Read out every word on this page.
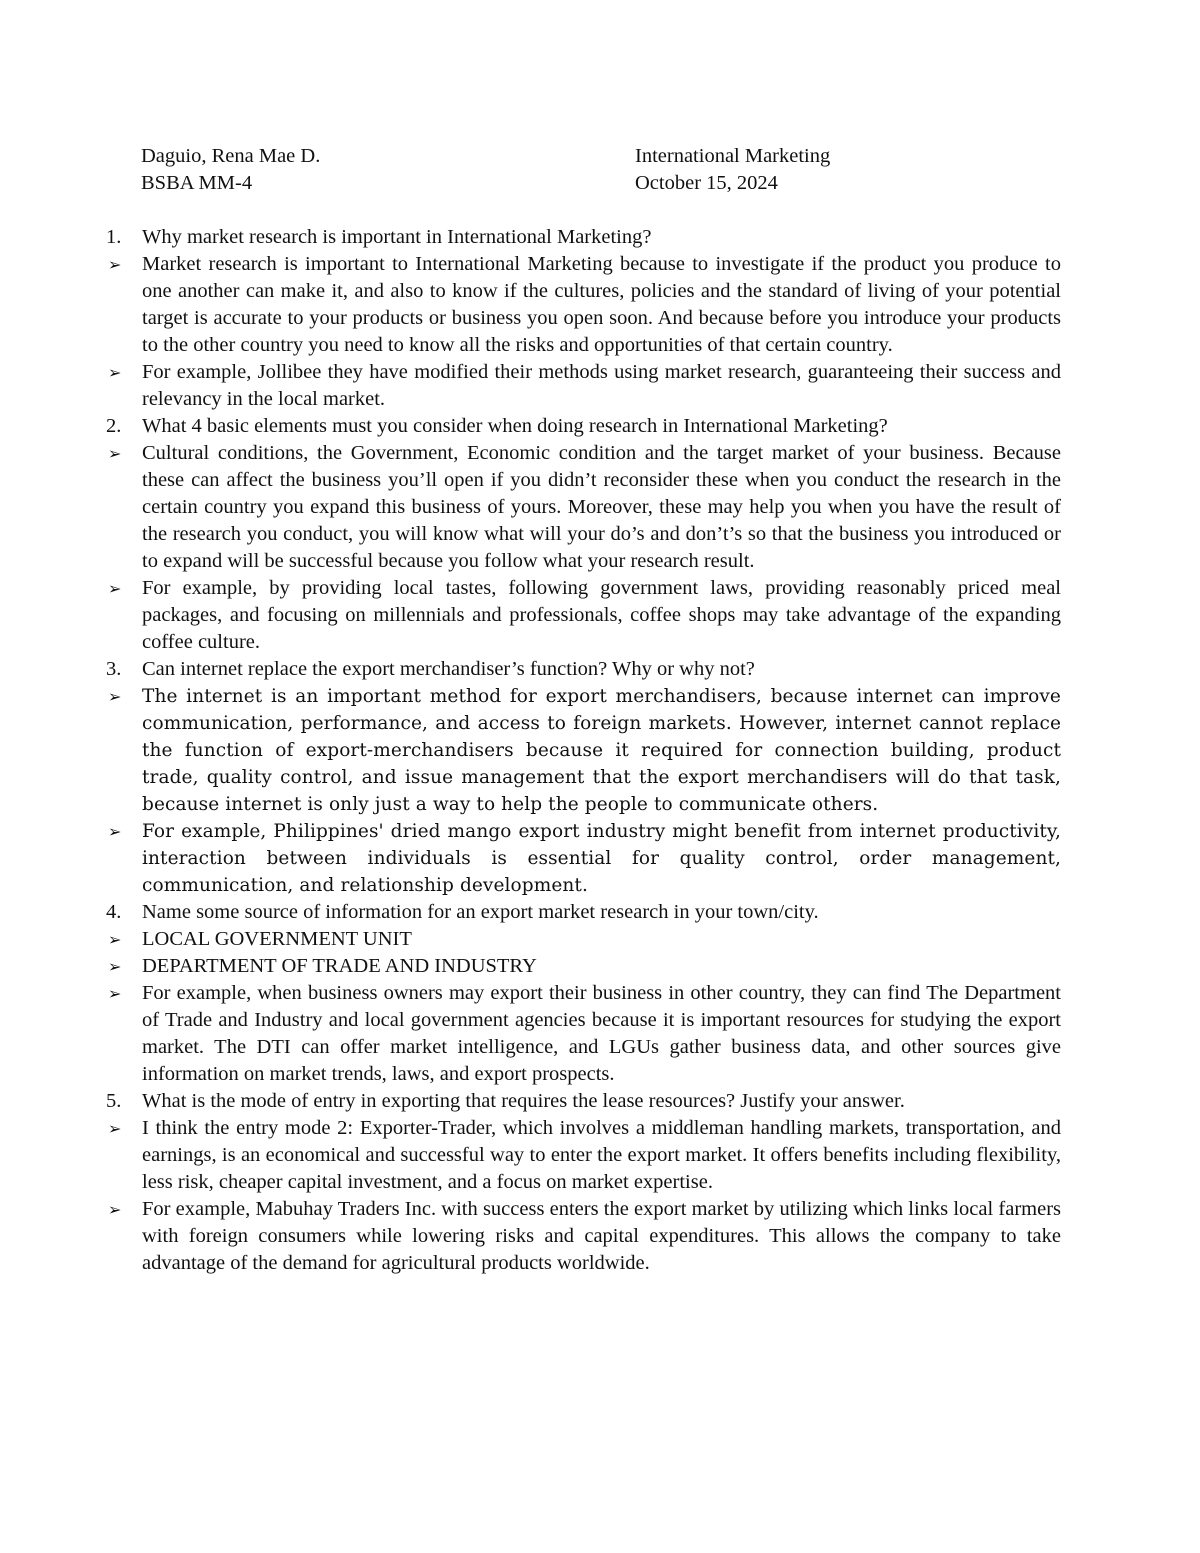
Daguio, Rena Mae D.	International Marketing
BSBA MM-4	October 15, 2024
1.	Why market research is important in International Marketing?
➢	Market research is important to International Marketing because to investigate if the product you produce to one another can make it, and also to know if the cultures, policies and the standard of living of your potential target is accurate to your products or business you open soon. And because before you introduce your products to the other country you need to know all the risks and opportunities of that certain country.
➢	For example, Jollibee they have modified their methods using market research, guaranteeing their success and relevancy in the local market.
2.	What 4 basic elements must you consider when doing research in International Marketing?
➢	Cultural conditions, the Government, Economic condition and the target market of your business. Because these can affect the business you’ll open if you didn’t reconsider these when you conduct the research in the certain country you expand this business of yours. Moreover, these may help you when you have the result of the research you conduct, you will know what will your do’s and don’t’s so that the business you introduced or to expand will be successful because you follow what your research result.
➢	For example, by providing local tastes, following government laws, providing reasonably priced meal packages, and focusing on millennials and professionals, coffee shops may take advantage of the expanding coffee culture.
3.	Can internet replace the export merchandiser’s function? Why or why not?
➢	The internet is an important method for export merchandisers, because internet can improve communication, performance, and access to foreign markets. However, internet cannot replace the function of export-merchandisers because it required for connection building, product trade, quality control, and issue management that the export merchandisers will do that task, because internet is only just a way to help the people to communicate others.
➢	For example, Philippines' dried mango export industry might benefit from internet productivity, interaction between individuals is essential for quality control, order management, communication, and relationship development.
4.	Name some source of information for an export market research in your town/city.
➢	LOCAL GOVERNMENT UNIT
➢	DEPARTMENT OF TRADE AND INDUSTRY
➢	For example, when business owners may export their business in other country, they can find The Department of Trade and Industry and local government agencies because it is important resources for studying the export market. The DTI can offer market intelligence, and LGUs gather business data, and other sources give information on market trends, laws, and export prospects.
5.	What is the mode of entry in exporting that requires the lease resources? Justify your answer.
➢	I think the entry mode 2: Exporter-Trader, which involves a middleman handling markets, transportation, and earnings, is an economical and successful way to enter the export market. It offers benefits including flexibility, less risk, cheaper capital investment, and a focus on market expertise.
➢	For example, Mabuhay Traders Inc. with success enters the export market by utilizing which links local farmers with foreign consumers while lowering risks and capital expenditures. This allows the company to take advantage of the demand for agricultural products worldwide.
